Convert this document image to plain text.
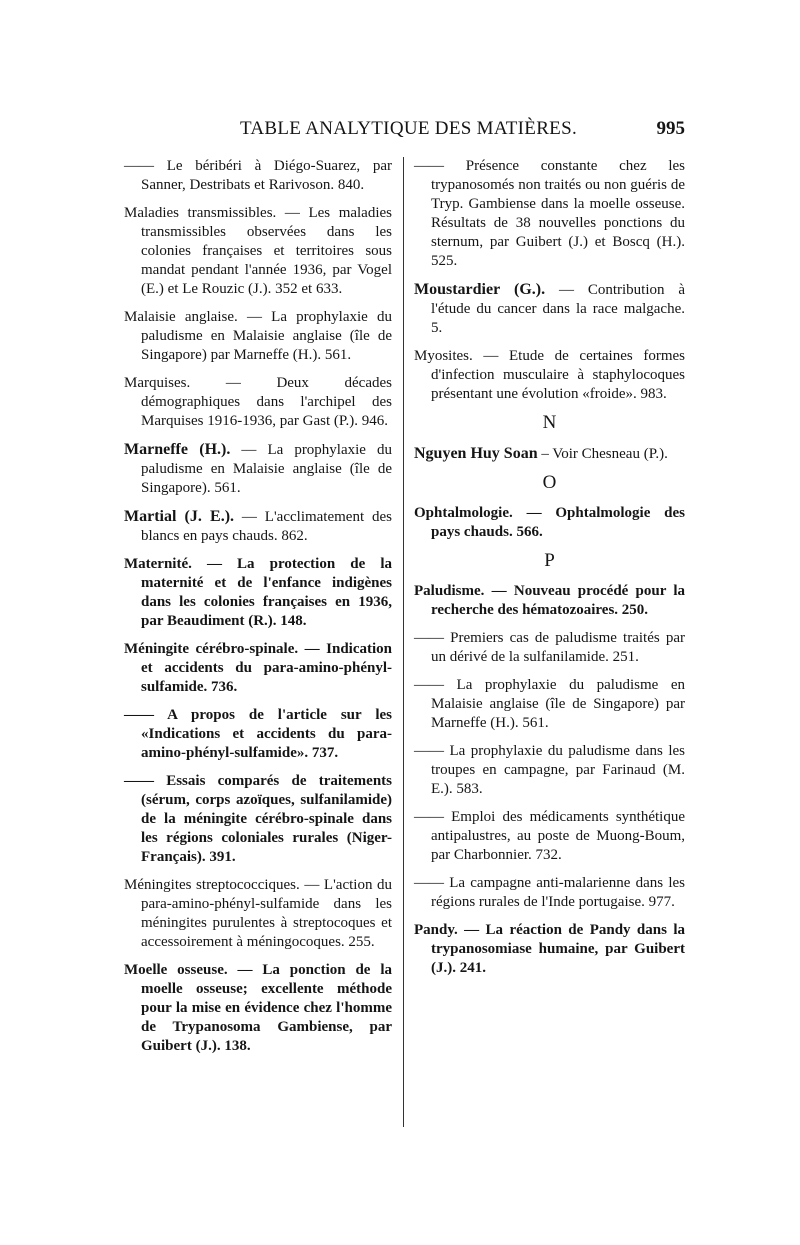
TABLE ANALYTIQUE DES MATIÈRES.	995

—— Le béribéri à Diégo-Suarez, par Sanner, Destribats et Rarivoson. 840.

Maladies transmissibles. — Les maladies transmissibles observées dans les colonies françaises et territoires sous mandat pendant l'année 1936, par Vogel (E.) et Le Rouzic (J.). 352 et 633.

Malaisie anglaise. — La prophylaxie du paludisme en Malaisie anglaise (île de Singapore) par Marneffe (H.). 561.

Marquises. — Deux décades démographiques dans l'archipel des Marquises 1916-1936, par Gast (P.). 946.

Marneffe (H.). — La prophylaxie du paludisme en Malaisie anglaise (île de Singapore). 561.

Martial (J. E.). — L'acclimatement des blancs en pays chauds. 862.

Maternité. — La protection de la maternité et de l'enfance indigènes dans les colonies françaises en 1936, par Beaudiment (R.). 148.

Méningite cérébro-spinale. — Indication et accidents du para-amino-phényl-sulfamide. 736.

—— A propos de l'article sur les «Indications et accidents du para-amino-phényl-sulfamide». 737.

—— Essais comparés de traitements (sérum, corps azoïques, sulfanilamide) de la méningite cérébro-spinale dans les régions coloniales rurales (Niger-Français). 391.

Méningites streptococciques. — L'action du para-amino-phényl-sulfamide dans les méningites purulentes à streptocoques et accessoirement à méningocoques. 255.

Moelle osseuse. — La ponction de la moelle osseuse; excellente méthode pour la mise en évidence chez l'homme de Trypanosoma Gambiense, par Guibert (J.). 138.

—— Présence constante chez les trypanosomés non traités ou non guéris de Tryp. Gambiense dans la moelle osseuse. Résultats de 38 nouvelles ponctions du sternum, par Guibert (J.) et Boscq (H.). 525.

Moustardier (G.). — Contribution à l'étude du cancer dans la race malgache. 5.

Myosites. — Etude de certaines formes d'infection musculaire à staphylocoques présentant une évolution «froide». 983.

N

Nguyen Huy Soan – Voir Chesneau (P.).

O

Ophtalmologie. — Ophtalmologie des pays chauds. 566.

P

Paludisme. — Nouveau procédé pour la recherche des hématozoaires. 250.

—— Premiers cas de paludisme traités par un dérivé de la sulfanilamide. 251.

—— La prophylaxie du paludisme en Malaisie anglaise (île de Singapore) par Marneffe (H.). 561.

—— La prophylaxie du paludisme dans les troupes en campagne, par Farinaud (M. E.). 583.

—— Emploi des médicaments synthétique antipalustres, au poste de Muong-Boum, par Charbonnier. 732.

—— La campagne anti-malarienne dans les régions rurales de l'Inde portugaise. 977.

Pandy. — La réaction de Pandy dans la trypanosomiase humaine, par Guibert (J.). 241.
